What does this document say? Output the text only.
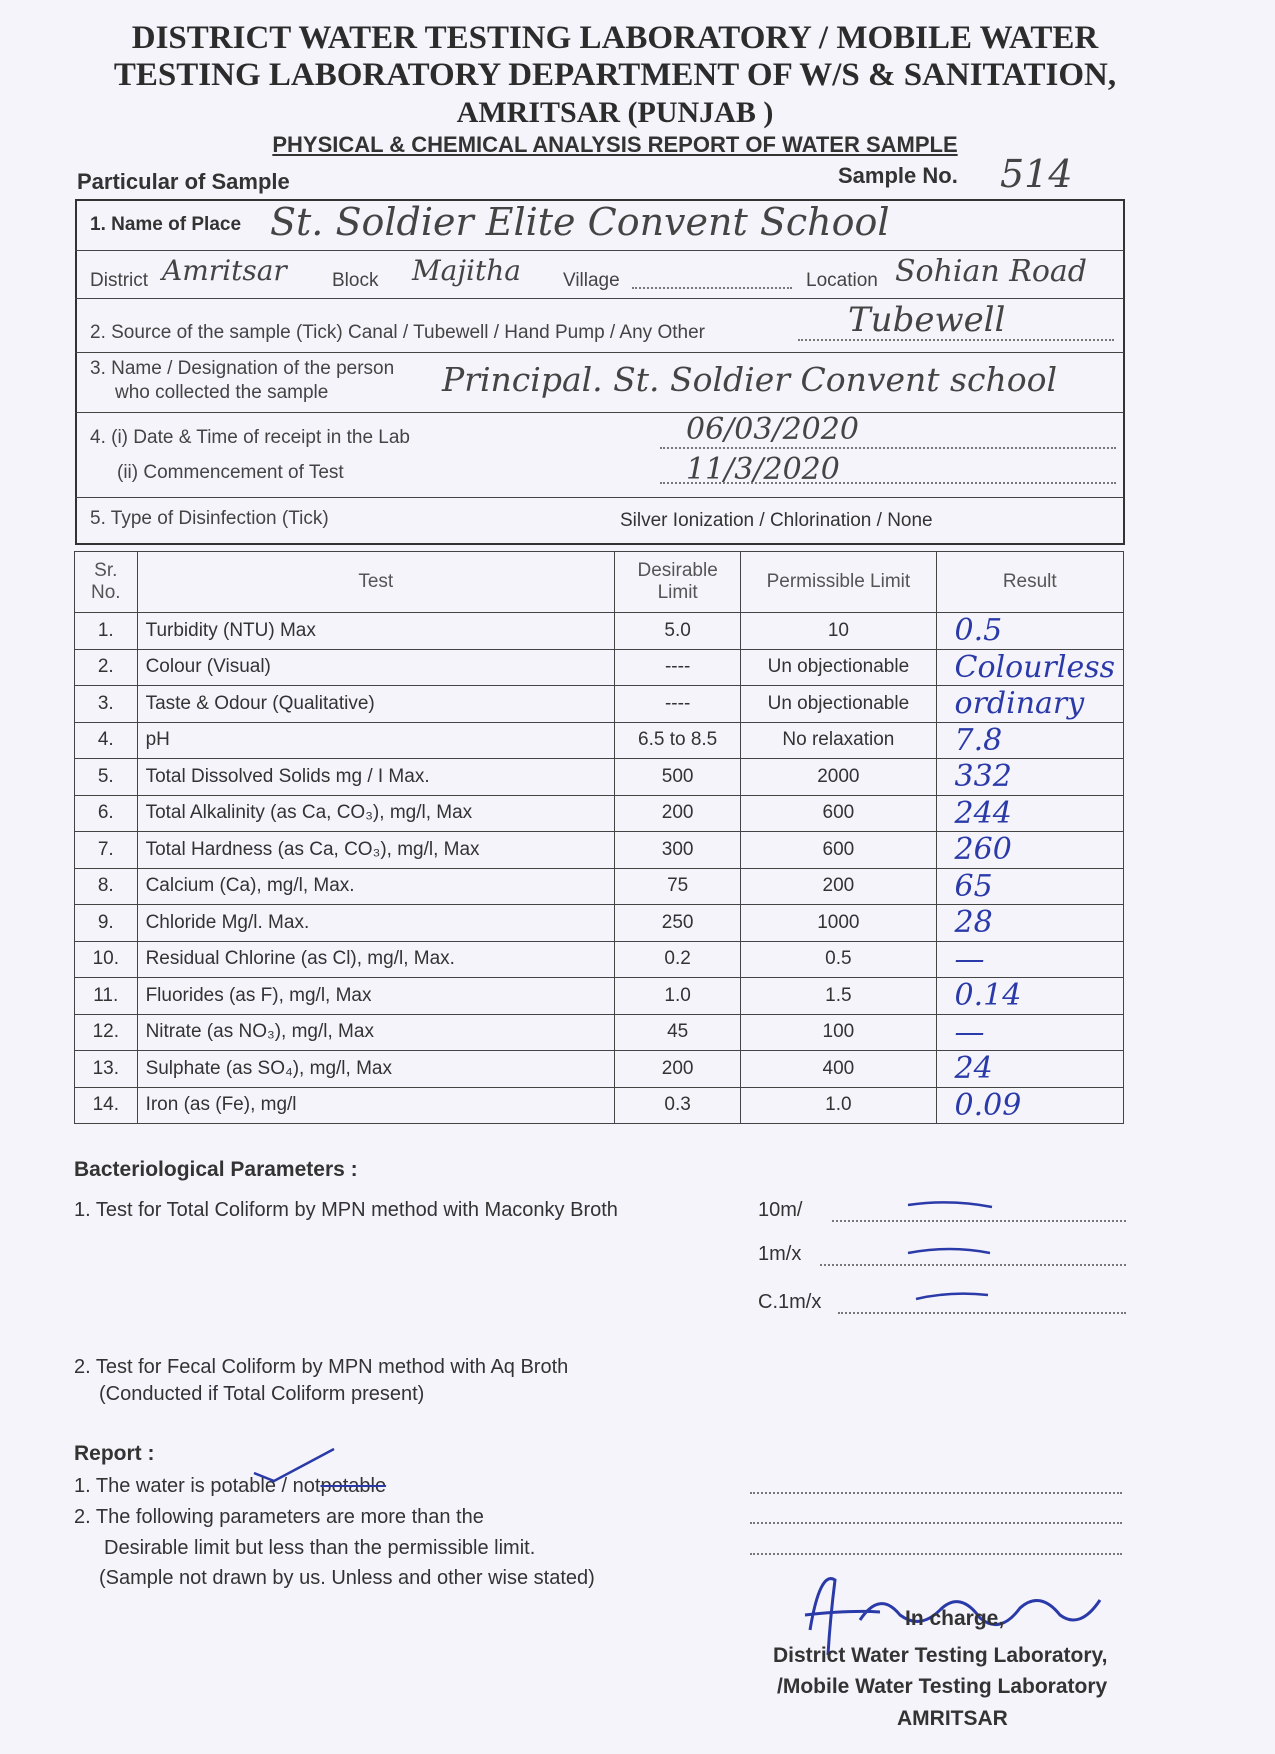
DISTRICT WATER TESTING LABORATORY / MOBILE WATER
TESTING LABORATORY DEPARTMENT OF W/S & SANITATION,
AMRITSAR (PUNJAB )
PHYSICAL & CHEMICAL ANALYSIS REPORT OF WATER SAMPLE
Particular of Sample	Sample No. 514
1. Name of Place St. Soldier Elite Convent School
District Amritsar Block Majitha Village	Location Sohian Road
2. Source of the sample (Tick) Canal / Tubewell / Hand Pump / Any Other	Tubewell
3. Name / Designation of the person
who collected the sample	Principal. St. Soldier Convent school
4. (i) Date & Time of receipt in the Lab	06/03/2020
(ii) Commencement of Test	11/3/2020
5. Type of Disinfection (Tick)	Silver Ionization / Chlorination / None
Sr. No.	Test	Desirable Limit	Permissible Limit	Result
1.	Turbidity (NTU) Max	5.0	10	0.5
2.	Colour (Visual)	----	Un objectionable	Colourless
3.	Taste & Odour (Qualitative)	----	Un objectionable	ordinary
4.	pH	6.5 to 8.5	No relaxation	7.8
5.	Total Dissolved Solids mg / I Max.	500	2000	332
6.	Total Alkalinity (as Ca, CO₃), mg/l, Max	200	600	244
7.	Total Hardness (as Ca, CO₃), mg/l, Max	300	600	260
8.	Calcium (Ca), mg/l, Max.	75	200	65
9.	Chloride Mg/l. Max.	250	1000	28
10.	Residual Chlorine (as Cl), mg/l, Max.	0.2	0.5	—
11.	Fluorides (as F), mg/l, Max	1.0	1.5	0.14
12.	Nitrate (as NO₃), mg/l, Max	45	100	—
13.	Sulphate (as SO₄), mg/l, Max	200	400	24
14.	Iron (as (Fe), mg/l	0.3	1.0	0.09
Bacteriological Parameters :
1. Test for Total Coliform by MPN method with Maconky Broth	10m/
1m/x
C.1m/x
2. Test for Fecal Coliform by MPN method with Aq Broth
(Conducted if Total Coliform present)
Report :
1. The water is potable / notpotable
2. The following parameters are more than the
Desirable limit but less than the permissible limit.
(Sample not drawn by us. Unless and other wise stated)
In charge,
District Water Testing Laboratory,
/Mobile Water Testing Laboratory
AMRITSAR
